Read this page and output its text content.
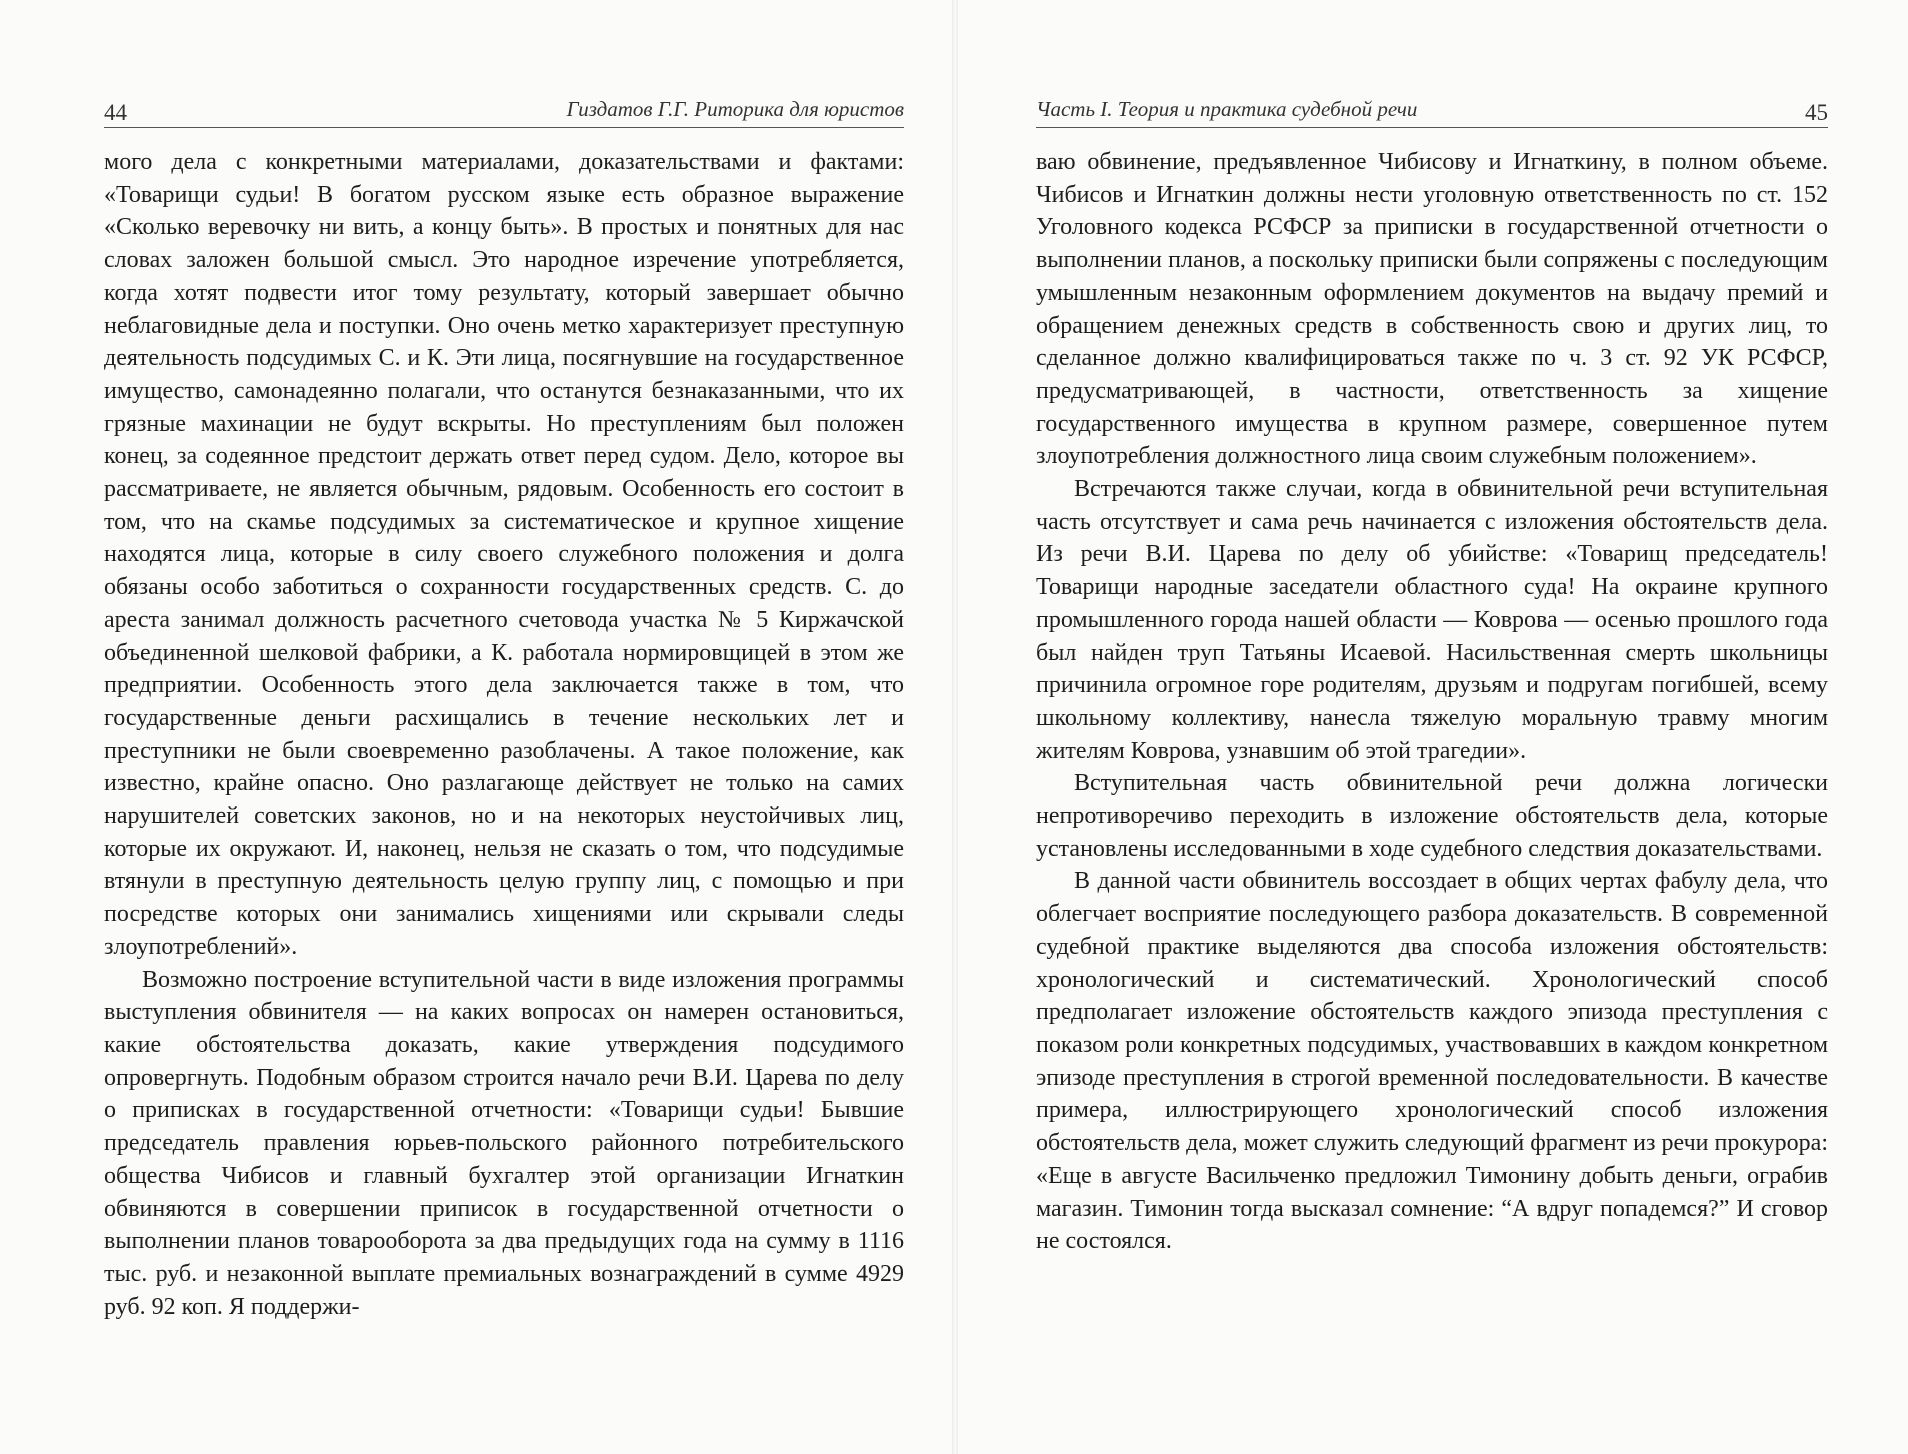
44	Гиздатов Г.Г. Риторика для юристов

мого дела с конкретными материалами, доказательствами и фактами: «Товарищи судьи! В богатом русском языке есть образное выражение «Сколько веревочку ни вить, а концу быть». В простых и понятных для нас словах заложен большой смысл. Это народное изречение употребляется, когда хотят подвести итог тому результату, который завершает обычно неблаговидные дела и поступки. Оно очень метко характеризует преступную деятельность подсудимых С. и К. Эти лица, посягнувшие на государственное имущество, самонадеянно полагали, что останутся безнаказанными, что их грязные махинации не будут вскрыты. Но преступлениям был положен конец, за содеянное предстоит держать ответ перед судом. Дело, которое вы рассматриваете, не является обычным, рядовым. Особенность его состоит в том, что на скамье подсудимых за систематическое и крупное хищение находятся лица, которые в силу своего служебного положения и долга обязаны особо заботиться о сохранности государственных средств. С. до ареста занимал должность расчетного счетовода участка № 5 Киржачской объединенной шелковой фабрики, а К. работала нормировщицей в этом же предприятии. Особенность этого дела заключается также в том, что государственные деньги расхищались в течение нескольких лет и преступники не были своевременно разоблачены. А такое положение, как известно, крайне опасно. Оно разлагающе действует не только на самих нарушителей советских законов, но и на некоторых неустойчивых лиц, которые их окружают. И, наконец, нельзя не сказать о том, что подсудимые втянули в преступную деятельность целую группу лиц, с помощью и при посредстве которых они занимались хищениями или скрывали следы злоупотреблений».

Возможно построение вступительной части в виде изложения программы выступления обвинителя — на каких вопросах он намерен остановиться, какие обстоятельства доказать, какие утверждения подсудимого опровергнуть. Подобным образом строится начало речи В.И. Царева по делу о приписках в государственной отчетности: «Товарищи судьи! Бывшие председатель правления юрьев-польского районного потребительского общества Чибисов и главный бухгалтер этой организации Игнаткин обвиняются в совершении приписок в государственной отчетности о выполнении планов товарооборота за два предыдущих года на сумму в 1116 тыс. руб. и незаконной выплате премиальных вознаграждений в сумме 4929 руб. 92 коп. Я поддержи-

Часть I. Теория и практика судебной речи	45

ваю обвинение, предъявленное Чибисову и Игнаткину, в полном объеме. Чибисов и Игнаткин должны нести уголовную ответственность по ст. 152 Уголовного кодекса РСФСР за приписки в государственной отчетности о выполнении планов, а поскольку приписки были сопряжены с последующим умышленным незаконным оформлением документов на выдачу премий и обращением денежных средств в собственность свою и других лиц, то сделанное должно квалифицироваться также по ч. 3 ст. 92 УК РСФСР, предусматривающей, в частности, ответственность за хищение государственного имущества в крупном размере, совершенное путем злоупотребления должностного лица своим служебным положением».

Встречаются также случаи, когда в обвинительной речи вступительная часть отсутствует и сама речь начинается с изложения обстоятельств дела. Из речи В.И. Царева по делу об убийстве: «Товарищ председатель! Товарищи народные заседатели областного суда! На окраине крупного промышленного города нашей области — Коврова — осенью прошлого года был найден труп Татьяны Исаевой. Насильственная смерть школьницы причинила огромное горе родителям, друзьям и подругам погибшей, всему школьному коллективу, нанесла тяжелую моральную травму многим жителям Коврова, узнавшим об этой трагедии».

Вступительная часть обвинительной речи должна логически непротиворечиво переходить в изложение обстоятельств дела, которые установлены исследованными в ходе судебного следствия доказательствами.

В данной части обвинитель воссоздает в общих чертах фабулу дела, что облегчает восприятие последующего разбора доказательств. В современной судебной практике выделяются два способа изложения обстоятельств: хронологический и систематический. Хронологический способ предполагает изложение обстоятельств каждого эпизода преступления с показом роли конкретных подсудимых, участвовавших в каждом конкретном эпизоде преступления в строгой временной последовательности. В качестве примера, иллюстрирующего хронологический способ изложения обстоятельств дела, может служить следующий фрагмент из речи прокурора: «Еще в августе Васильченко предложил Тимонину добыть деньги, ограбив магазин. Тимонин тогда высказал сомнение: “А вдруг попадемся?” И сговор не состоялся.
